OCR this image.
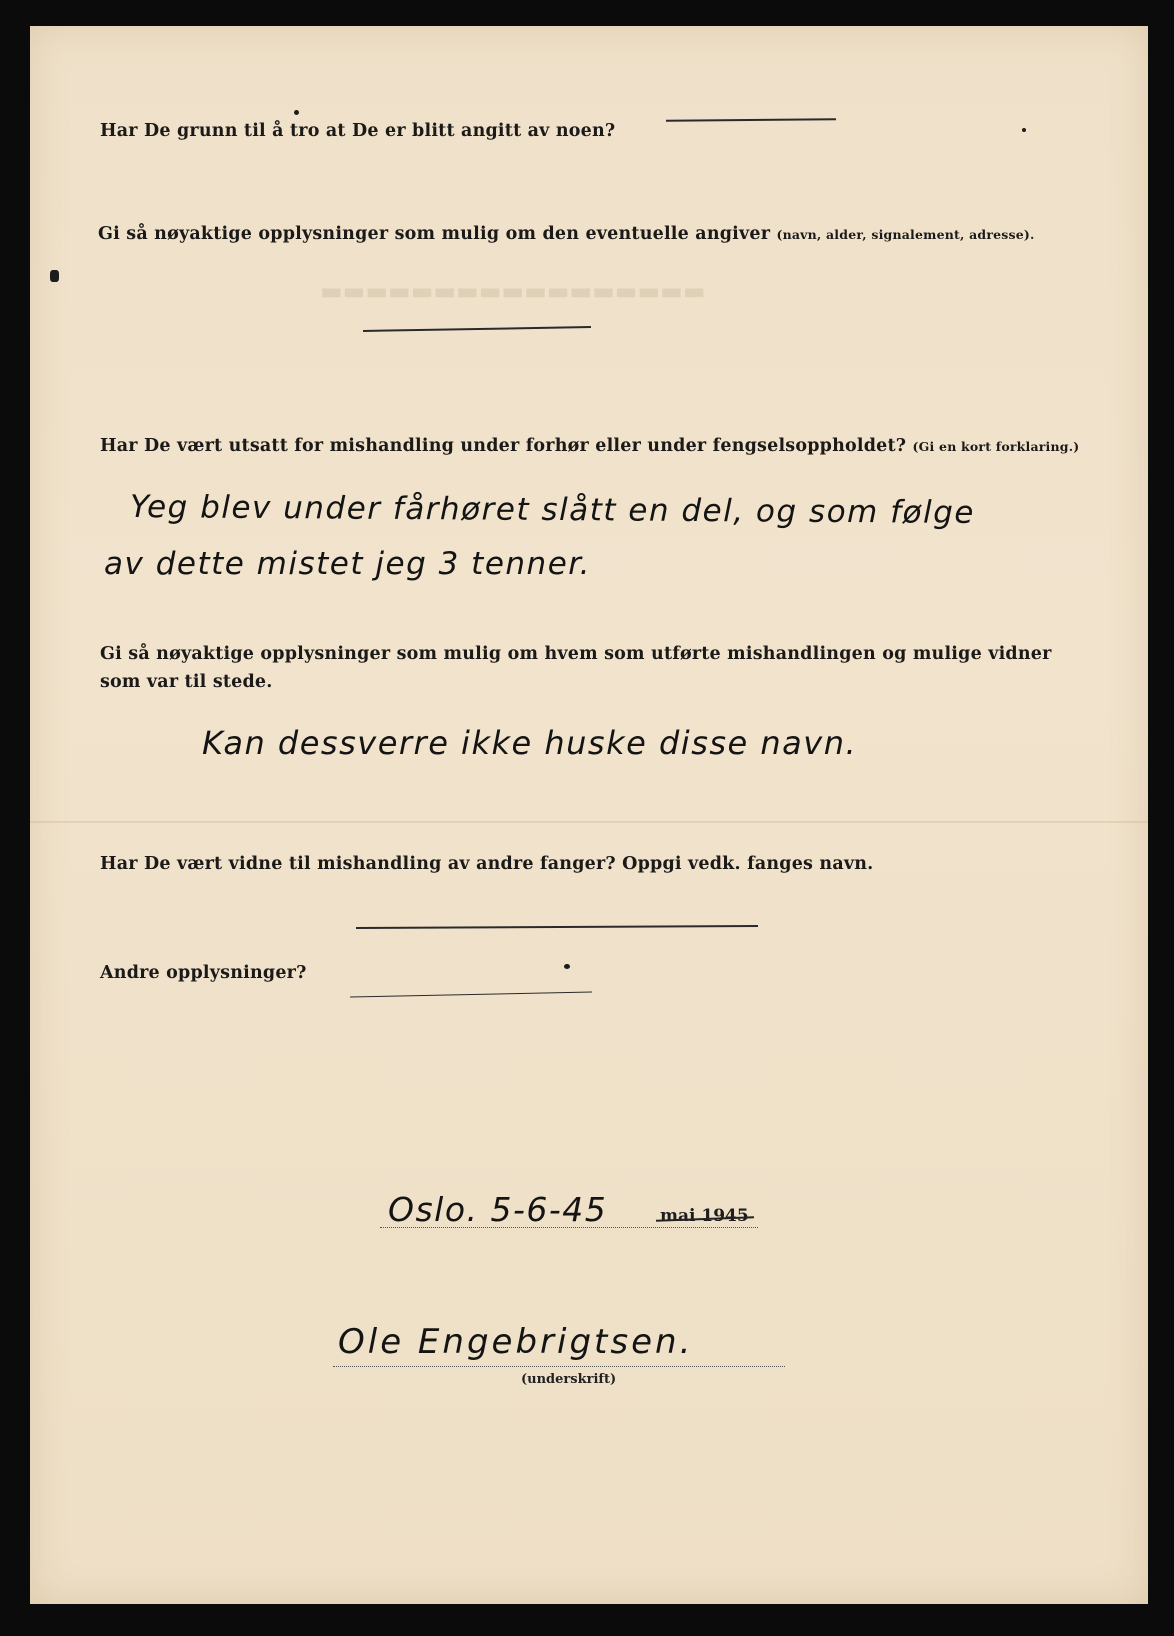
▬▬▬▬▬▬▬▬▬▬▬▬▬▬▬▬▬
Har De grunn til å tro at De er blitt angitt av noen?
Gi så nøyaktige opplysninger som mulig om den eventuelle angiver (navn, alder, signalement, adresse).
Har De vært utsatt for mishandling under forhør eller under fengselsoppholdet? (Gi en kort forklaring.)
Yeg blev under fårhøret slått en del, og som følge
av dette mistet jeg 3 tenner.
Gi så nøyaktige opplysninger som mulig om hvem som utførte mishandlingen og mulige vidner
som var til stede.
Kan dessverre ikke huske disse navn.
Har De vært vidne til mishandling av andre fanger? Oppgi vedk. fanges navn.
Andre opplysninger?
Oslo. 5-6-45	mai 1945
Ole Engebrigtsen.
(underskrift)
